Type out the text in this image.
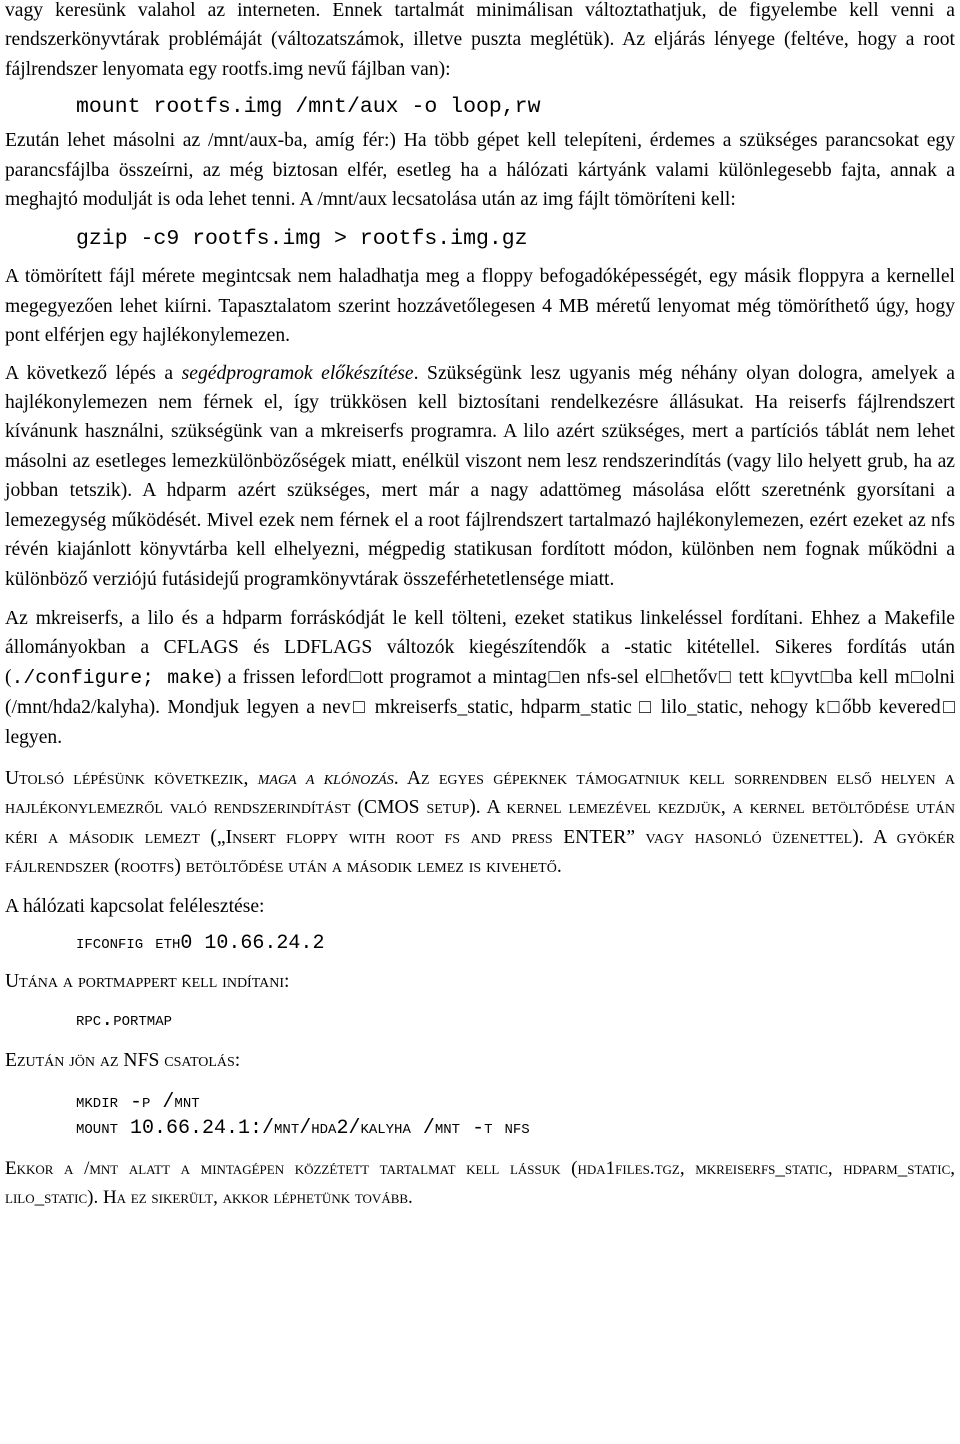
vagy keresünk valahol az interneten. Ennek tartalmát minimálisan változtathatjuk, de figyelembe kell venni a rendszerkönyvtárak problémáját (változatszámok, illetve puszta meglétük). Az eljárás lényege (feltéve, hogy a root fájlrendszer lenyomata egy rootfs.img nevű fájlban van):

mount rootfs.img /mnt/aux -o loop,rw

Ezután lehet másolni az /mnt/aux-ba, amíg fér:) Ha több gépet kell telepíteni, érdemes a szükséges parancsokat egy parancsfájlba összeírni, az még biztosan elfér, esetleg ha a hálózati kártyánk valami különlegesebb fajta, annak a meghajtó modulját is oda lehet tenni. A /mnt/aux lecsatolása után az img fájlt tömöríteni kell:

gzip -c9 rootfs.img > rootfs.img.gz

A tömörített fájl mérete megintcsak nem haladhatja meg a floppy befogadóképességét, egy másik floppyra a kernellel megegyezően lehet kiírni. Tapasztalatom szerint hozzávetőlegesen 4 MB méretű lenyomat még tömöríthető úgy, hogy pont elférjen egy hajlékonylemezen.

A következő lépés a segédprogramok előkészítése. Szükségünk lesz ugyanis még néhány olyan dologra, amelyek a hajlékonylemezen nem férnek el, így trükkösen kell biztosítani rendelkezésre állásukat. Ha reiserfs fájlrendszert kívánunk használni, szükségünk van a mkreiserfs programra. A lilo azért szükséges, mert a partíciós táblát nem lehet másolni az esetleges lemezkülönbözőségek miatt, enélkül viszont nem lesz rendszerindítás (vagy lilo helyett grub, ha az jobban tetszik). A hdparm azért szükséges, mert már a nagy adattömeg másolása előtt szeretnénk gyorsítani a lemezegység működését. Mivel ezek nem férnek el a root fájlrendszert tartalmazó hajlékonylemezen, ezért ezeket az nfs révén kiajánlott könyvtárba kell elhelyezni, mégpedig statikusan fordított módon, különben nem fognak működni a különböző verziójú futásidejű programkönyvtárak összeférhetetlensége miatt.

Az mkreiserfs, a lilo és a hdparm forráskódját le kell tölteni, ezeket statikus linkeléssel fordítani. Ehhez a Makefile állományokban a CFLAGS és LDFLAGS változók kiegészítendők a -static kitétellel. Sikeres fordítás után (./configure; make) a frissen leford□ott programot a mintag□en nfs-sel el□hetőv□ tett k□yvt□ba kell m□olni (/mnt/hda2/kalyha). Mondjuk legyen a nev□ mkreiserfs_static, hdparm_static □ lilo_static, nehogy k□őbb kevered□ legyen.

Utolsó lépésünk következik, maga a klónozás. Az egyes gépeknek támogatniuk kell sorrendben első helyen a hajlékonylemezről való rendszerindítást (CMOS setup). A kernel lemezével kezdjük, a kernel betöltődése után kéri a második lemezt („Insert floppy with root fs and press ENTER” vagy hasonló üzenettel). A gyökér fájlrendszer (rootfs) betöltődése után a második lemez is kivehető.

A hálózati kapcsolat felélesztése:

ifconfig eth0 10.66.24.2

Utána a portmappert kell indítani:

rpc.portmap

Ezután jön az NFS csatolás:

mkdir -p /mnt

mount 10.66.24.1:/mnt/hda2/kalyha /mnt -t nfs

Ekkor a /mnt alatt a mintagépen közzétett tartalmat kell lássuk (hda1files.tgz, mkreiserfs_static, hdparm_static, lilo_static). Ha ez sikerült, akkor léphetünk tovább.
